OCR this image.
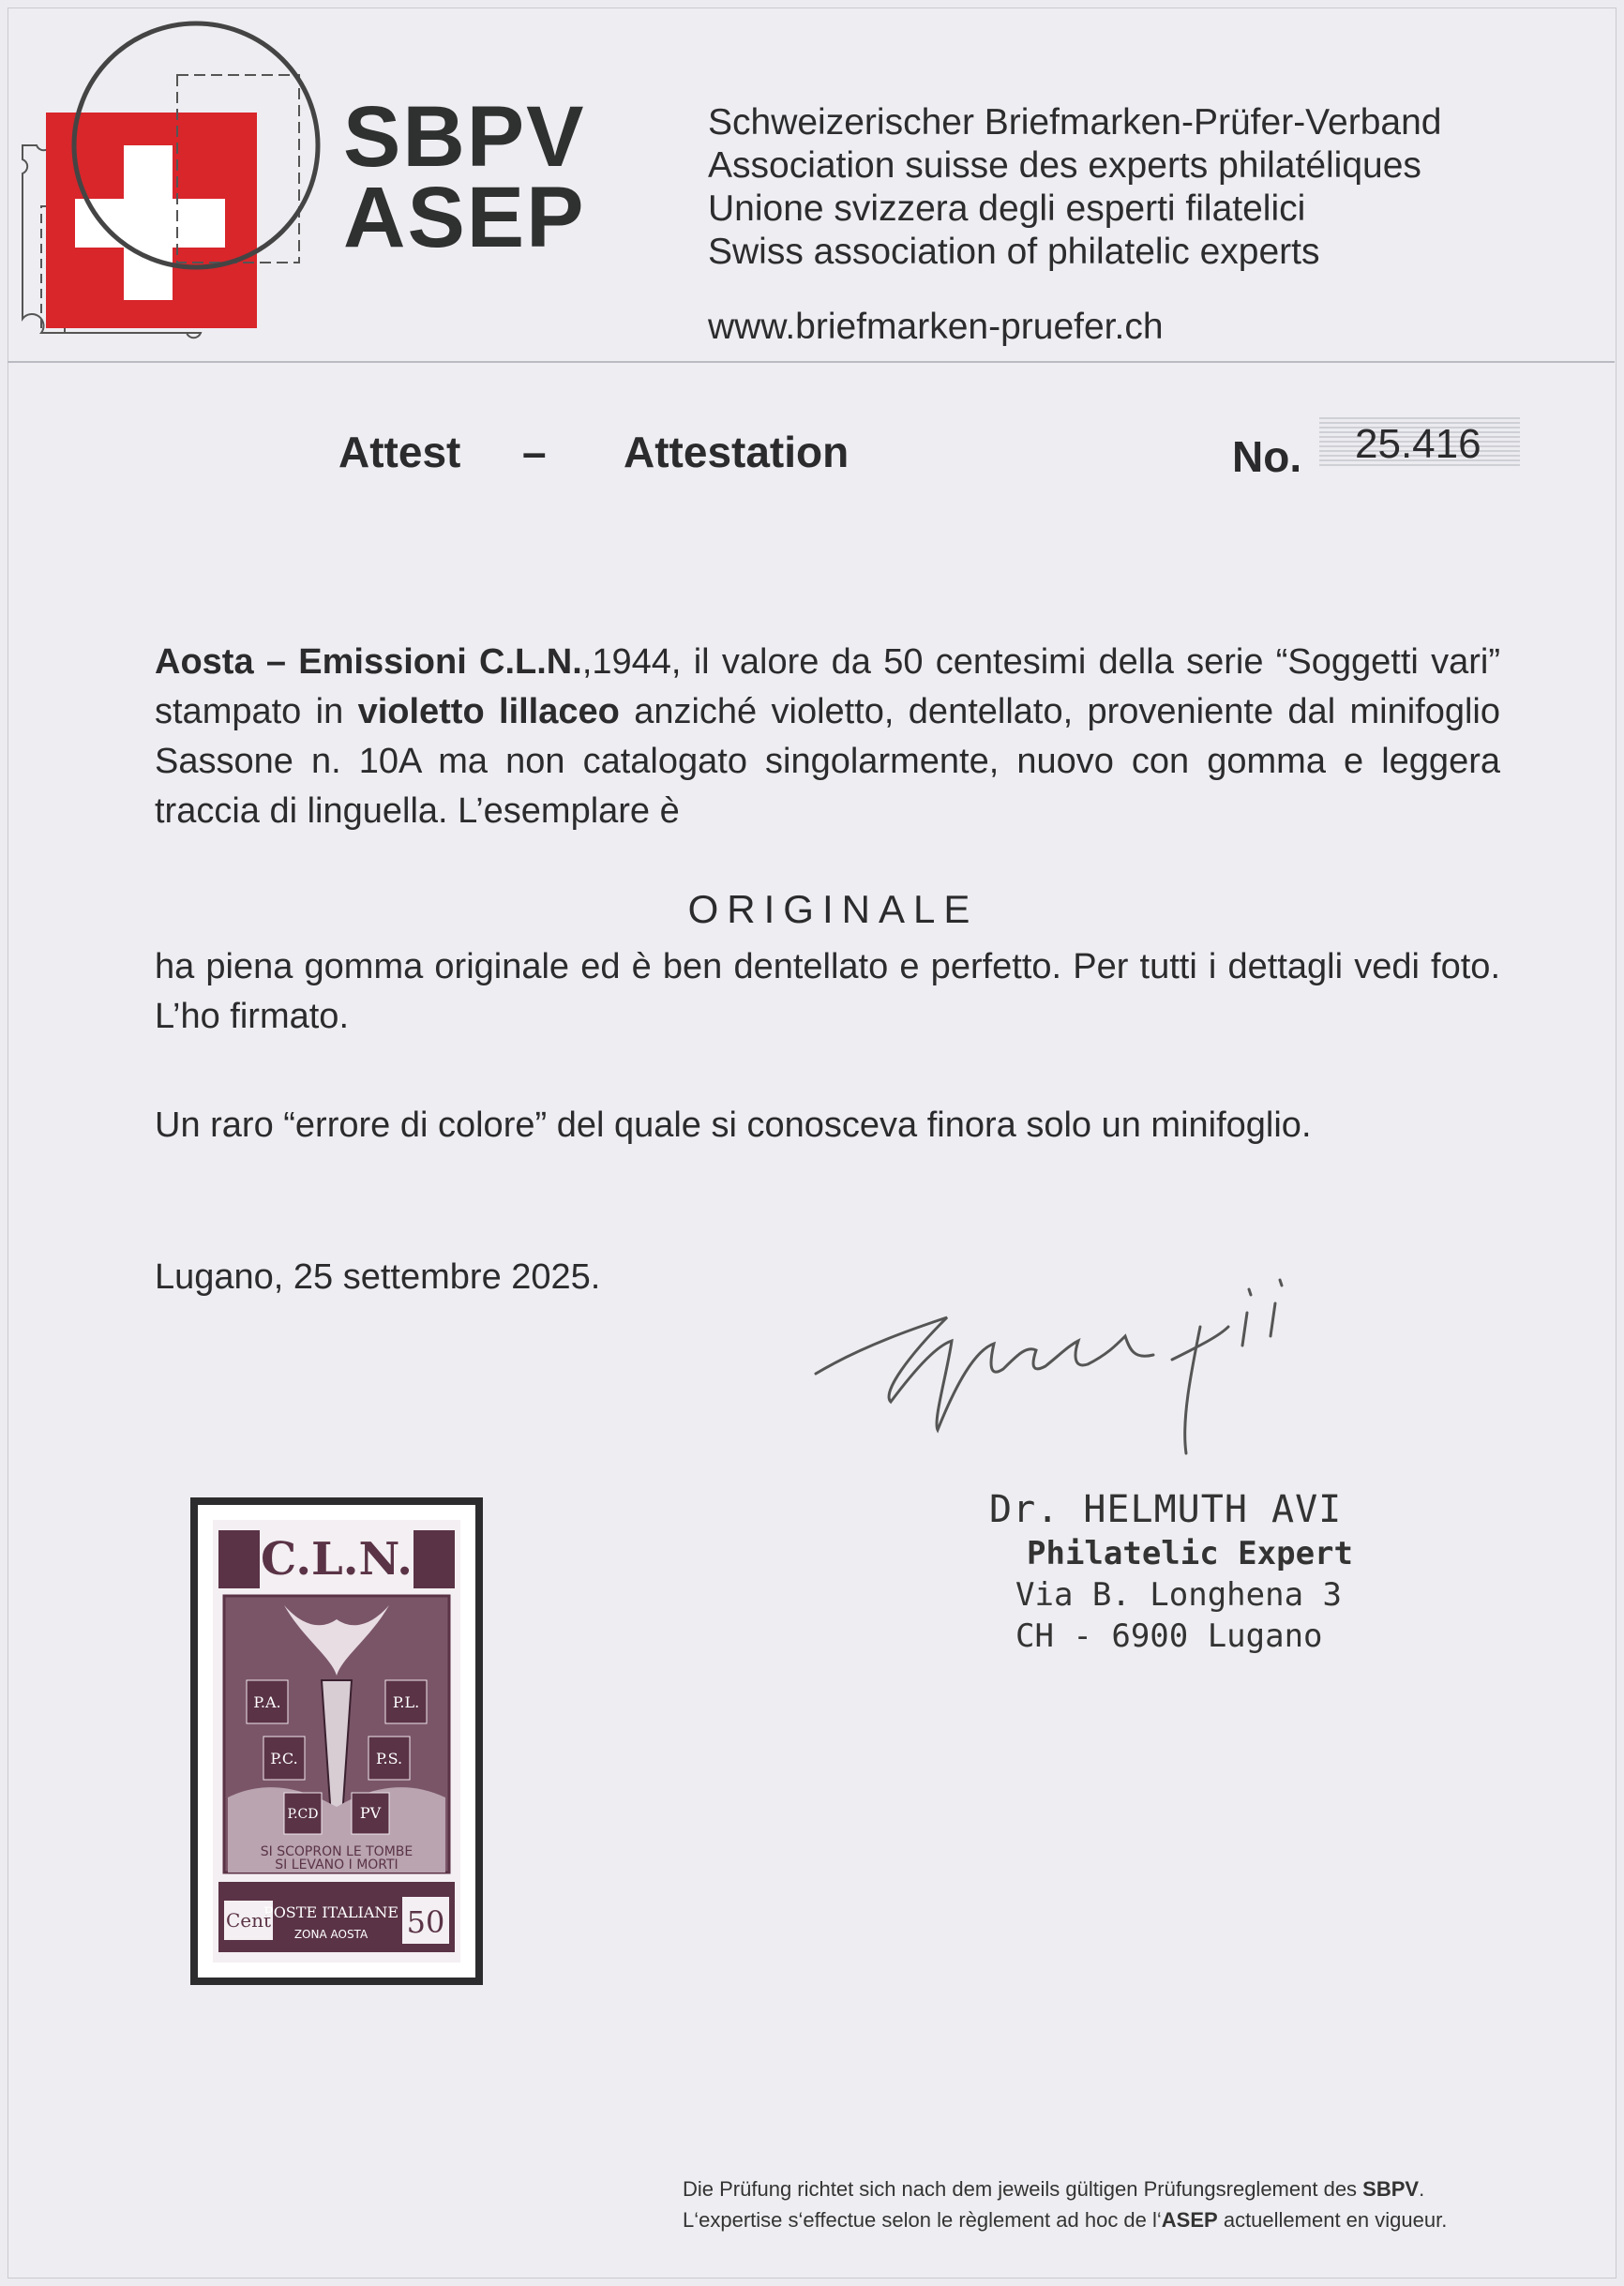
SBPV
ASEP
Schweizerischer Briefmarken-Prüfer-Verband
Association suisse des experts philatéliques
Unione svizzera degli esperti filatelici
Swiss association of philatelic experts
www.briefmarken-pruefer.ch
Attest – Attestation	No. 25.416
Aosta – Emissioni C.L.N.,1944, il valore da 50 centesimi della serie “Soggetti vari” stampato in violetto lillaceo anziché violetto, dentellato, proveniente dal minifoglio Sassone n. 10A ma non catalogato singolarmente, nuovo con gomma e leggera traccia di linguella. L’esemplare è
ORIGINALE
ha piena gomma originale ed è ben dentellato e perfetto. Per tutti i dettagli vedi foto. L’ho firmato.
Un raro “errore di colore” del quale si conosceva finora solo un minifoglio.
Lugano, 25 settembre 2025.
Dr. HELMUTH AVI
Philatelic Expert
Via B. Longhena 3
CH - 6900 Lugano
C.L.N.
P.A.	P.L.
P.C.	P.S.
P.CD	PV
SI SCOPRON LE TOMBE
SI LEVANO I MORTI
Cent
POSTE ITALIANE
ZONA AOSTA 50
Die Prüfung richtet sich nach dem jeweils gültigen Prüfungsreglement des SBPV.
L‘expertise s‘effectue selon le règlement ad hoc de l‘ASEP actuellement en vigueur.
